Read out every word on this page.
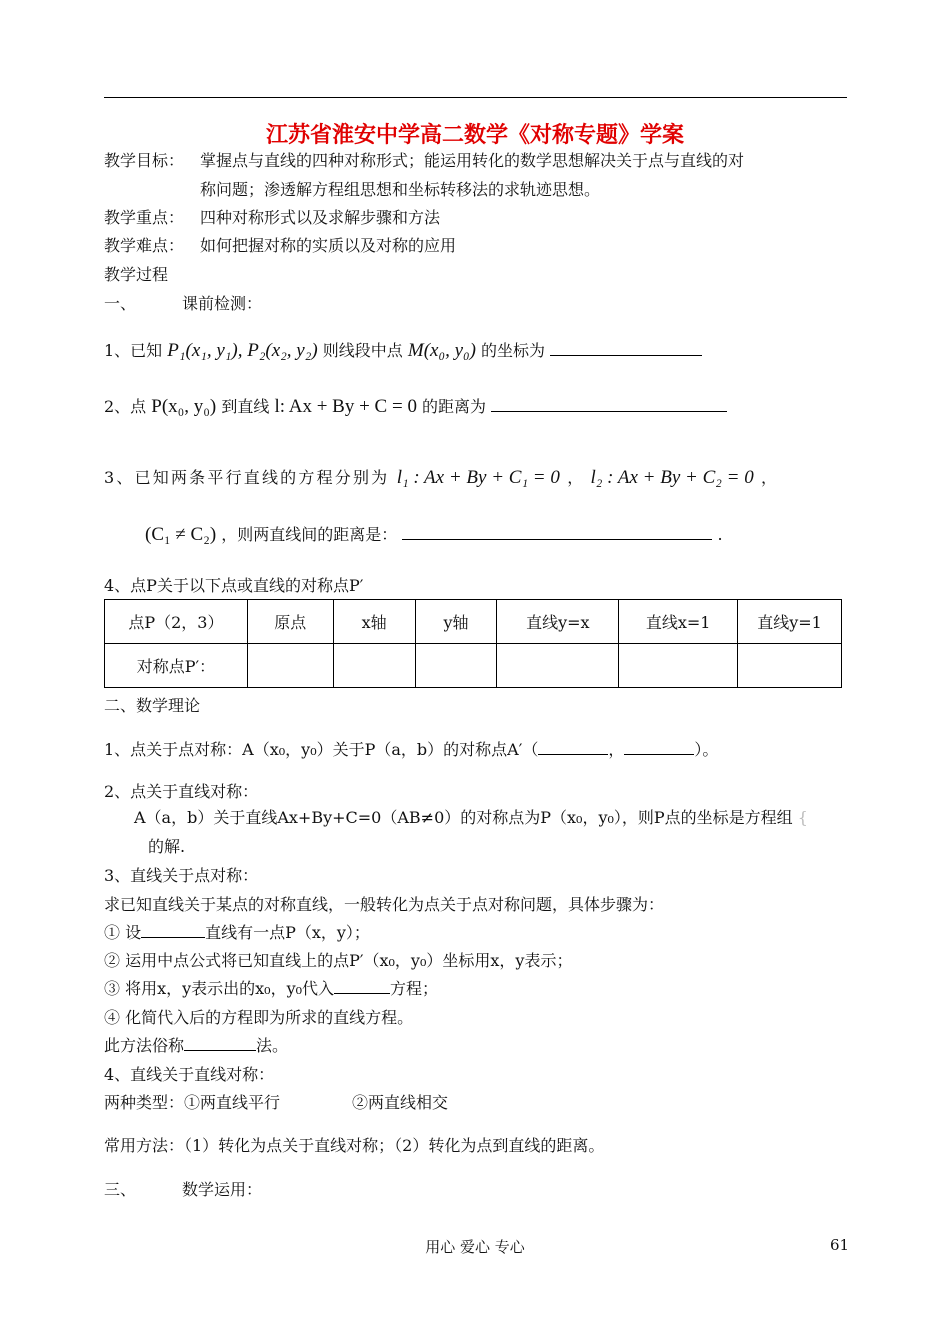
江苏省淮安中学高二数学《对称专题》学案
教学目标： 掌握点与直线的四种对称形式；能运用转化的数学思想解决关于点与直线的对
称问题；渗透解方程组思想和坐标转移法的求轨迹思想。
教学重点： 四种对称形式以及求解步骤和方法
教学难点： 如何把握对称的实质以及对称的应用
教学过程
一、	课前检测：
1、已知 P₁(x₁, y₁), P₂(x₂, y₂) 则线段中点 M(x₀, y₀) 的坐标为
2、点 P(x₀, y₀) 到直线 l: Ax + By + C = 0 的距离为
3、已知两条平行直线的方程分别为 l₁ : Ax + By + C₁ = 0 ， l₂ : Ax + By + C₂ = 0 ，
(C₁ ≠ C₂) ，则两直线间的距离是：	.
4、点P关于以下点或直线的对称点P′
点P（2，3）	原点	x轴	y轴	直线y=x	直线x=1	直线y=1
对称点P′：						
二、数学理论
1、点关于点对称：A（x₀，y₀）关于P（a，b）的对称点A′（	，	）。
2、点关于直线对称：
A（a，b）关于直线Ax+By+C=0（AB≠0）的对称点为P（x₀，y₀），则P点的坐标是方程组 {
的解.
3、直线关于点对称：
求已知直线关于某点的对称直线，一般转化为点关于点对称问题，具体步骤为：
① 设	直线有一点P（x，y）；
② 运用中点公式将已知直线上的点P′（x₀，y₀）坐标用x，y表示；
③ 将用x，y表示出的x₀，y₀代入	方程；
④ 化简代入后的方程即为所求的直线方程。
此方法俗称	法。
4、直线关于直线对称：
两种类型：①两直线平行	②两直线相交
常用方法：（1）转化为点关于直线对称；（2）转化为点到直线的距离。
三、	数学运用：
用心 爱心 专心	61
